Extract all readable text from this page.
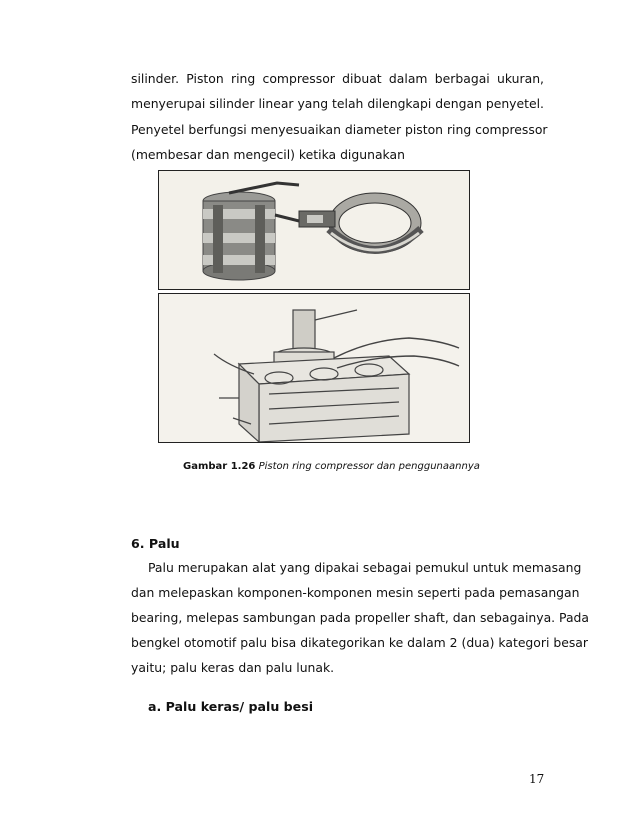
silinder. Piston ring compressor dibuat dalam berbagai ukuran,
menyerupai silinder linear yang telah dilengkapi dengan penyetel.
Penyetel berfungsi menyesuaikan diameter piston ring compressor
(membesar dan mengecil) ketika digunakan
Gambar 1.26 Piston ring compressor dan penggunaannya
6. Palu
Palu merupakan alat yang dipakai sebagai pemukul untuk memasang
dan melepaskan komponen-komponen mesin seperti pada pemasangan
bearing, melepas sambungan pada propeller shaft, dan sebagainya. Pada
bengkel otomotif palu bisa dikategorikan ke dalam 2 (dua) kategori besar
yaitu; palu keras dan palu lunak.
a. Palu keras/ palu besi
17
